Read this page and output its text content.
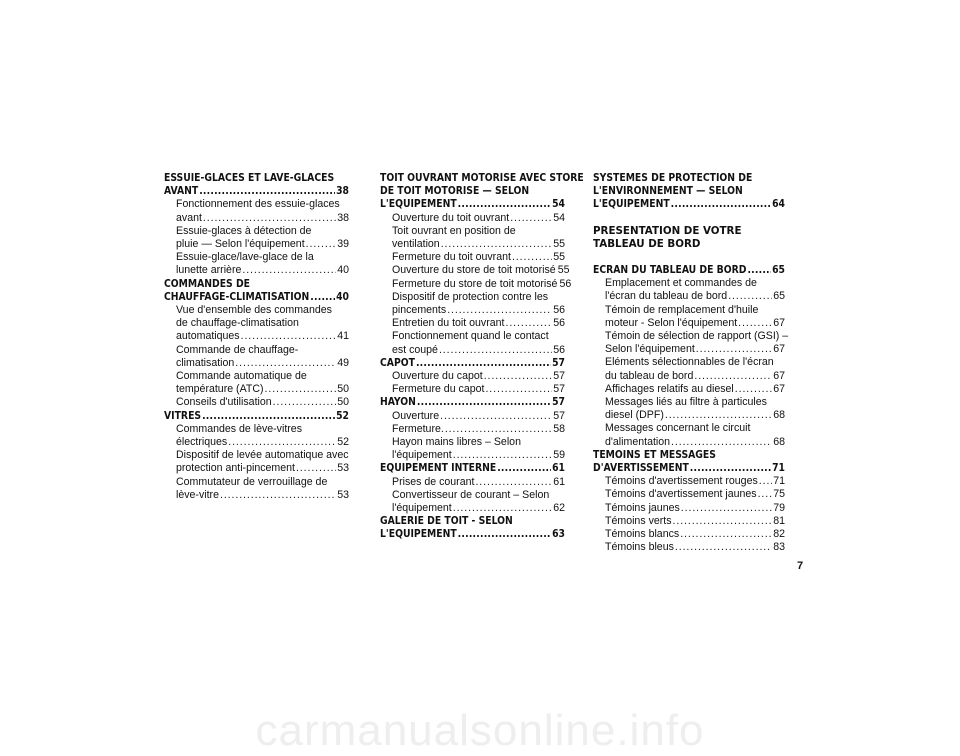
ESSUIE-GLACES ET LAVE-GLACES
AVANT .....	38
Fonctionnement des essuie-glaces
avant .....	38
Essuie-glaces à détection de
pluie — Selon l'équipement .....	39
Essuie-glace/lave-glace de la
lunette arrière .....	40
COMMANDES DE
CHAUFFAGE-CLIMATISATION .....	40
Vue d'ensemble des commandes
de chauffage-climatisation
automatiques .....	41
Commande de chauffage-
climatisation .....	49
Commande automatique de
température (ATC) .....	50
Conseils d'utilisation .....	50
VITRES .....	52
Commandes de lève-vitres
électriques .....	52
Dispositif de levée automatique avec
protection anti-pincement .....	53
Commutateur de verrouillage de
lève-vitre .....	53
TOIT OUVRANT MOTORISE AVEC STORE
DE TOIT MOTORISE — SELON
L'EQUIPEMENT .....	54
Ouverture du toit ouvrant .....	54
Toit ouvrant en position de
ventilation .....	55
Fermeture du toit ouvrant .....	55
Ouverture du store de toit motorisé 55
Fermeture du store de toit motorisé 56
Dispositif de protection contre les
pincements .....	56
Entretien du toit ouvrant .....	56
Fonctionnement quand le contact
est coupé .....	56
CAPOT .....	57
Ouverture du capot .....	57
Fermeture du capot .....	57
HAYON .....	57
Ouverture .....	57
Fermeture. .....	58
Hayon mains libres – Selon
l'équipement .....	59
EQUIPEMENT INTERNE .....	61
Prises de courant .....	61
Convertisseur de courant – Selon
l'équipement .....	62
GALERIE DE TOIT - SELON
L'EQUIPEMENT .....	63
SYSTEMES DE PROTECTION DE
L'ENVIRONNEMENT — SELON
L'EQUIPEMENT .....	64
PRESENTATION DE VOTRE TABLEAU DE BORD
ECRAN DU TABLEAU DE BORD ..... 65
Emplacement et commandes de
l'écran du tableau de bord .....	65
Témoin de remplacement d'huile
moteur - Selon l'équipement .....	67
Témoin de sélection de rapport (GSI) –
Selon l'équipement .....	67
Eléments sélectionnables de l'écran
du tableau de bord .....	67
Affichages relatifs au diesel .....	67
Messages liés au filtre à particules
diesel (DPF) .....	68
Messages concernant le circuit
d'alimentation .....	68
TEMOINS ET MESSAGES
D'AVERTISSEMENT .....	71
Témoins d'avertissement rouges ..... 71
Témoins d'avertissement jaunes ..... 75
Témoins jaunes .....	79
Témoins verts .....	81
Témoins blancs .....	82
Témoins bleus .....	83
7
carmanualsonline.info
